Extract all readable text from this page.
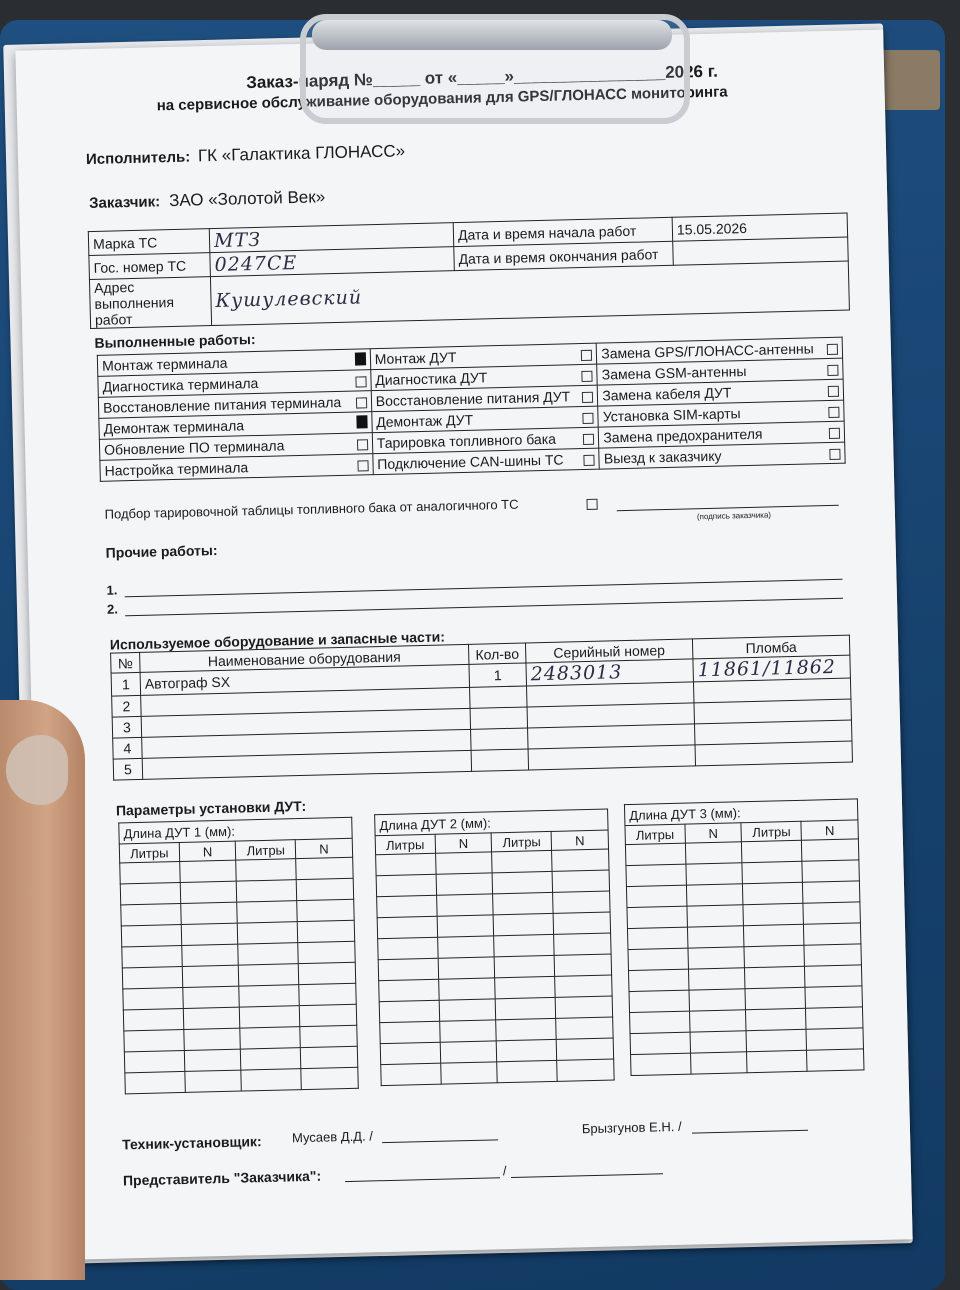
Заказ-наряд №_____ от «_____»________________2026 г.
на сервисное обслуживание оборудования для GPS/ГЛОНАСС мониторинга
Исполнитель: ГК «Галактика ГЛОНАСС»
Заказчик: ЗАО «Золотой Век»
Марка ТС	МТЗ	Дата и время начала работ	15.05.2026
Гос. номер ТС	0247СЕ	Дата и время окончания работ	
Адрес выполнения работ	Кушулевский		
Выполненные работы:
Монтаж терминала	Монтаж ДУТ	Замена GPS/ГЛОНАСС-антенны

Диагностика терминала	Диагностика ДУТ	Замена GSM-антенны

Восстановление питания терминала	Восстановление питания ДУТ	Замена кабеля ДУТ

Демонтаж терминала	Демонтаж ДУТ	Установка SIM-карты

Обновление ПО терминала	Тарировка топливного бака	Замена предохранителя

Настройка терминала	Подключение CAN-шины ТС	Выезд к заказчику
Подбор тарировочной таблицы топливного бака от аналогичного ТС	(подпись заказчика)
Прочие работы:
1.
2.
Используемое оборудование и запасные части:
№	Наименование оборудования	Кол-во	Серийный номер	Пломба
1	Автограф SX	1	2483013	11861/11862
2				
3				
4				
5				
Параметры установки ДУТ:
Длина ДУТ 1 (мм):			
Литры	N	Литры	N

Длина ДУТ 2 (мм):			
Литры	N	Литры	N

Длина ДУТ 3 (мм):			
Литры	N	Литры	N

Техник-установщик: Мусаев Д.Д. /
Брызгунов Е.Н. /
Представитель "Заказчика":	/
